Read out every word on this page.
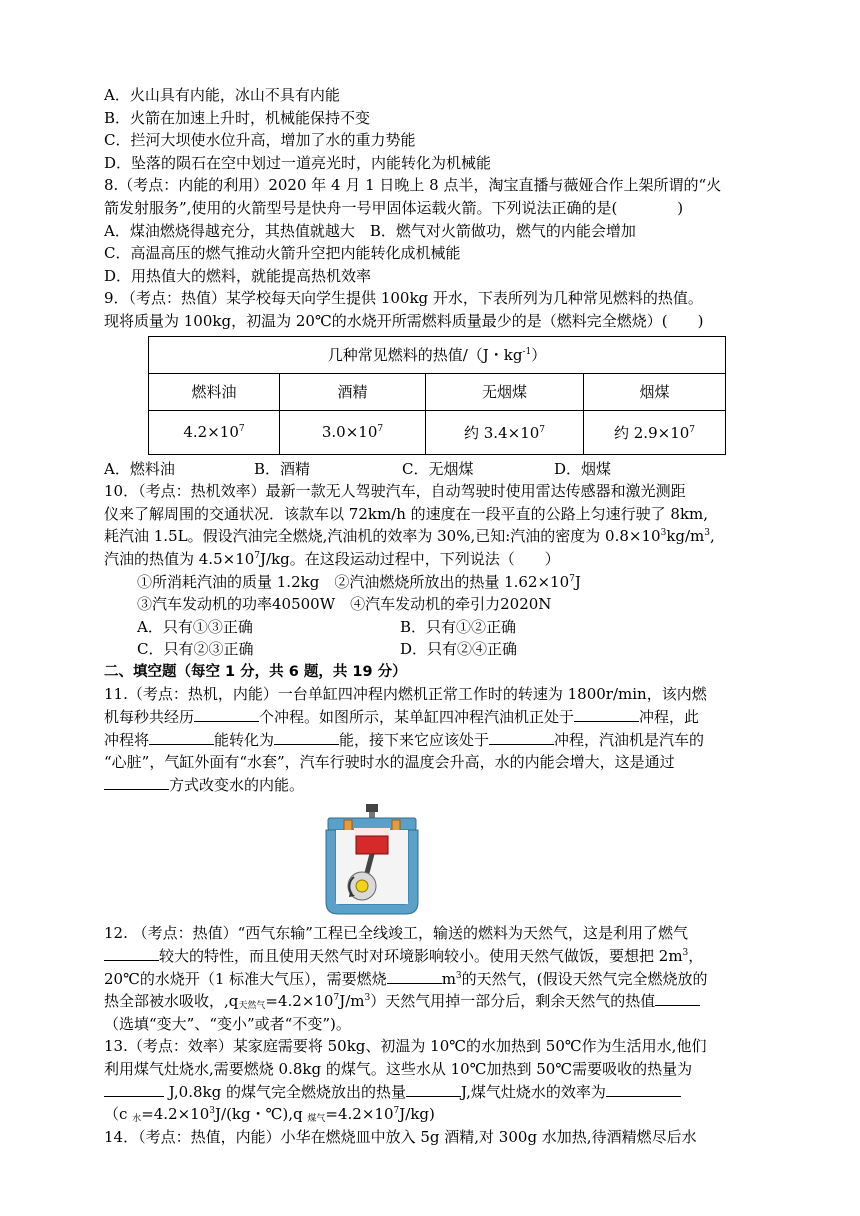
A．火山具有内能，冰山不具有内能
B．火箭在加速上升时，机械能保持不变
C．拦河大坝使水位升高，增加了水的重力势能
D．坠落的陨石在空中划过一道亮光时，内能转化为机械能
8.（考点：内能的利用）2020 年 4 月 1 日晚上 8 点半，淘宝直播与薇娅合作上架所谓的“火
箭发射服务”,使用的火箭型号是快舟一号甲固体运载火箭。下列说法正确的是(　　　　)
A．煤油燃烧得越充分，其热值就越大　B．燃气对火箭做功，燃气的内能会增加
C．高温高压的燃气推动火箭升空把内能转化成机械能
D．用热值大的燃料，就能提高热机效率
9．（考点：热值）某学校每天向学生提供 100kg 开水，下表所列为几种常见燃料的热值。
现将质量为 100kg，初温为 20℃的水烧开所需燃料质量最少的是（燃料完全燃烧）(　　)
几种常见燃料的热值/（J・$kg^{-1}$）			
燃料油	酒精	无烟煤	烟煤
$4.2\times 10^7$	$3.0\times 10^7$	约 $3.4\times 10^7$	约 $2.9\times 10^7$
A．燃料油	B．酒精	C．无烟煤	D．烟煤
10．（考点：热机效率）最新一款无人驾驶汽车，自动驾驶时使用雷达传感器和激光测距
仪来了解周围的交通状况．该款车以 72km/h 的速度在一段平直的公路上匀速行驶了 8km,
耗汽油 1.5L。假设汽油完全燃烧,汽油机的效率为 30%,已知:汽油的密度为 $0.8\times 10^3kg/m^3$,
汽油的热值为 $4.5\times 10^7J/kg$。在这段运动过程中，下列说法（　　）
①所消耗汽油的质量 1.2kg　②汽油燃烧所放出的热量 $1.62\times 10^7J$
③汽车发动机的功率40500W　④汽车发动机的牵引力2020N
A．只有①③正确	B．只有①②正确
C．只有②③正确	D．只有②④正确
二、填空题（每空 1 分，共 6 题，共 19 分）
11.（考点：热机，内能）一台单缸四冲程内燃机正常工作时的转速为 1800r/min，该内燃
机每秒共经历	个冲程。如图所示，某单缸四冲程汽油机正处于	冲程，此
冲程将	能转化为	能，接下来它应该处于	冲程，汽油机是汽车的
“心脏”，气缸外面有“水套”，汽车行驶时水的温度会升高，水的内能会增大，这是通过
方式改变水的内能。
12. （考点：热值）“西气东输”工程已全线竣工，输送的燃料为天然气，这是利用了燃气
较大的特性，而且使用天然气时对环境影响较小。使用天然气做饭，要想把 $2m^3$，
20℃的水烧开（1 标准大气压），需要燃烧	$m^3$的天然气，(假设天然气完全燃烧放的
热全部被水吸收，$,q_{天然气}=4.2\times 10^7J/m^3$）天然气用掉一部分后，剩余天然气的热值
（选填“变大”、“变小”或者“不变”)。
13.（考点：效率）某家庭需要将 50kg、初温为 10℃的水加热到 50℃作为生活用水,他们
利用煤气灶烧水,需要燃烧 0.8kg 的煤气。这些水从 10℃加热到 50℃需要吸收的热量为
J,0.8kg 的煤气完全燃烧放出的热量	J,煤气灶烧水的效率为
（c $_水=4.2\times 10^3J/(kg$・℃),q $_{煤气}=4.2\times 10^7J/kg$)
14．（考点：热值，内能）小华在燃烧皿中放入 5g 酒精,对 300g 水加热,待酒精燃尽后水
